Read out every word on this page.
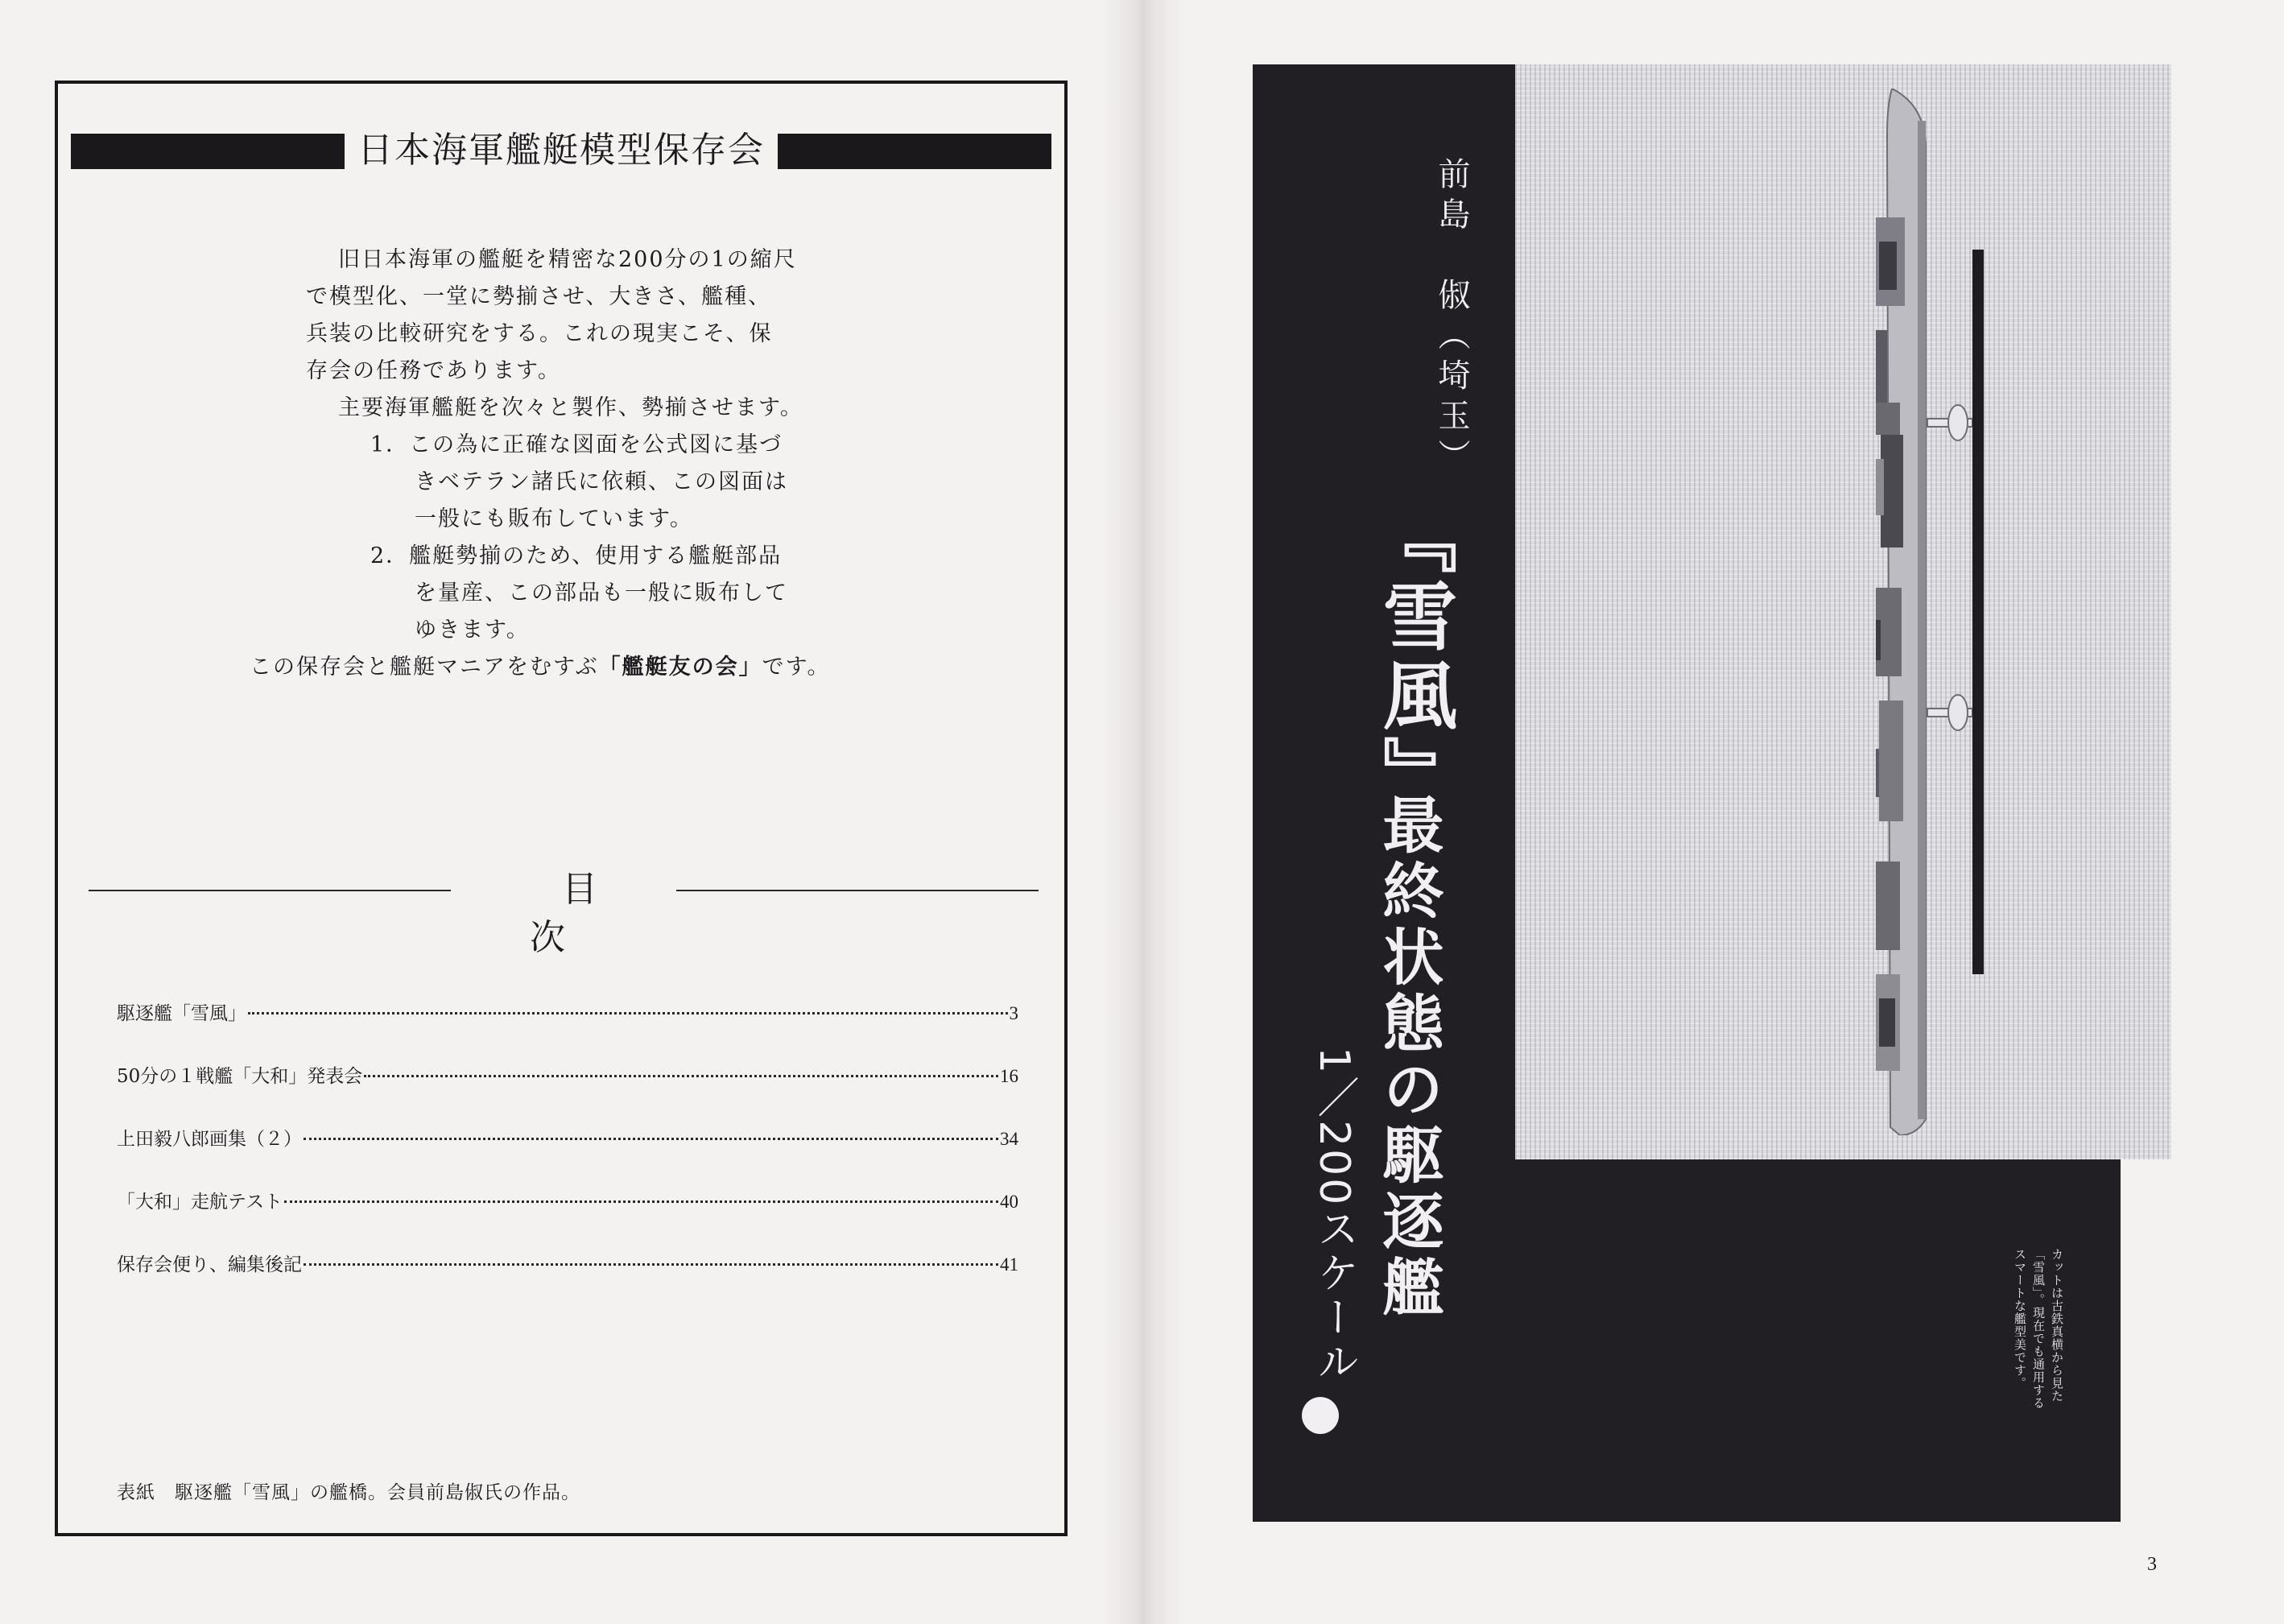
日本海軍艦艇模型保存会

旧日本海軍の艦艇を精密な200分の1の縮尺

で模型化、一堂に勢揃させ、大きさ、艦種、

兵装の比較研究をする。これの現実こそ、保

存会の任務であります。

主要海軍艦艇を次々と製作、勢揃させます。

1．この為に正確な図面を公式図に基づ

きベテラン諸氏に依頼、この図面は

一般にも販布しています。

2．艦艇勢揃のため、使用する艦艇部品

を量産、この部品も一般に販布して

ゆきます。

この保存会と艦艇マニアをむすぶ「艦艇友の会」です。

目次
駆逐艦「雪風」	3
50分の１戦艦「大和」発表会	16
上田毅八郎画集（２）	34
「大和」走航テスト	40
保存会便り、編集後記	41
表紙　駆逐艦「雪風」の艦橋。会員前島俶氏の作品。
前島　俶（埼玉）
『雪風』
最終状態の駆逐艦
1／200スケール	カットは古鉄真横から見た

「雪風」。現在でも通用する

スマートな艦型美です。

3
